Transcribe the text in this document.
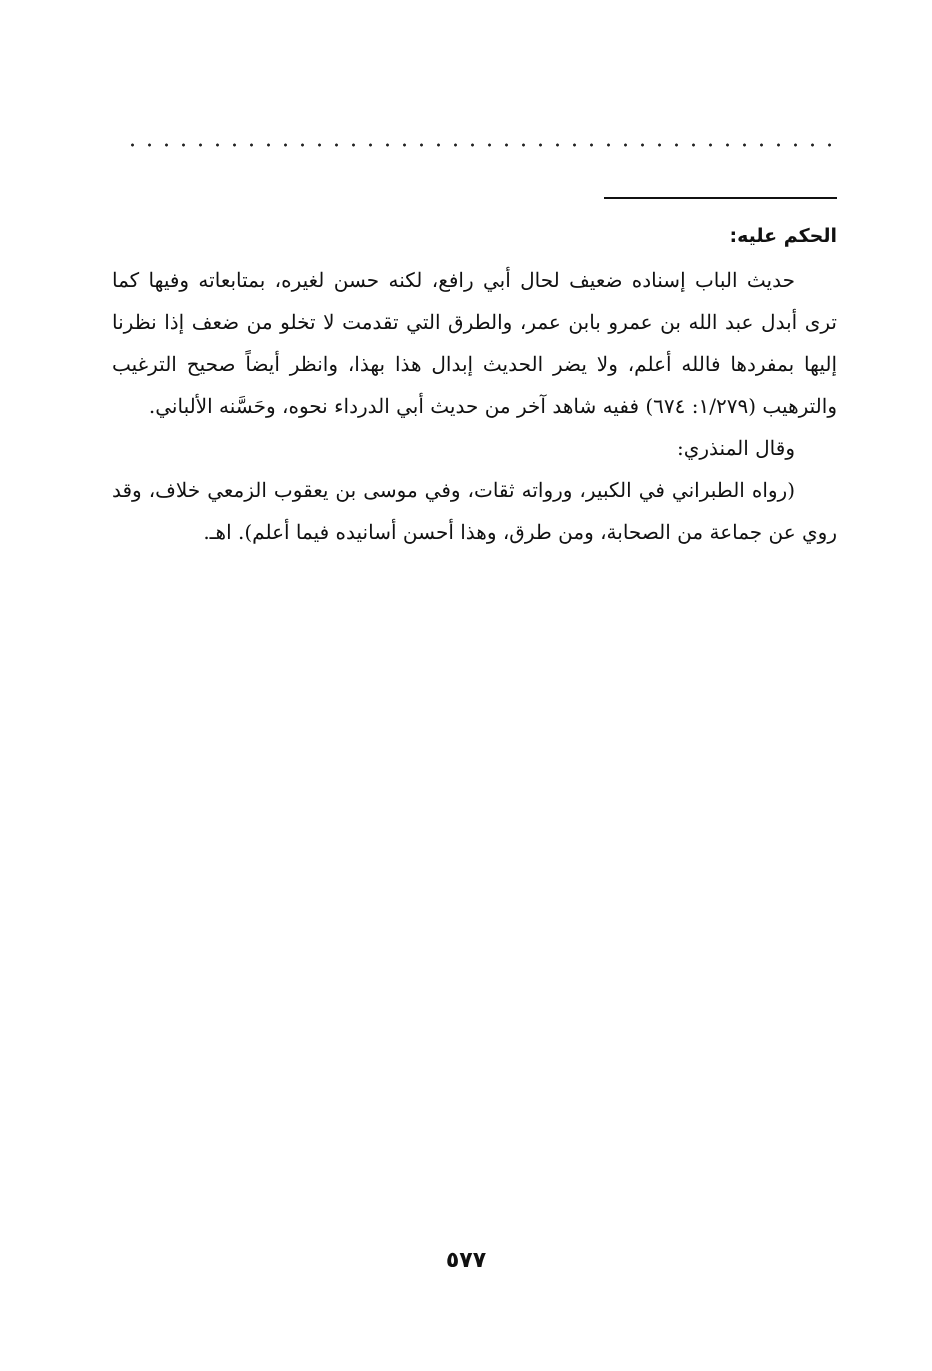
الحكم عليه:

حديث الباب إسناده ضعيف لحال أبي رافع، لكنه حسن لغيره، بمتابعاته وفيها كما ترى أبدل عبد الله بن عمرو بابن عمر، والطرق التي تقدمت لا تخلو من ضعف إذا نظرنا إليها بمفردها فالله أعلم، ولا يضر الحديث إبدال هذا بهذا، وانظر أيضاً صحيح الترغيب والترهيب (١/٢٧٩: ٦٧٤) ففيه شاهد آخر من حديث أبي الدرداء نحوه، وحَسَّنه الألباني.

وقال المنذري:

(رواه الطبراني في الكبير، ورواته ثقات، وفي موسى بن يعقوب الزمعي خلاف، وقد روي عن جماعة من الصحابة، ومن طرق، وهذا أحسن أسانيده فيما أعلم). اهـ.

٥٧٧
